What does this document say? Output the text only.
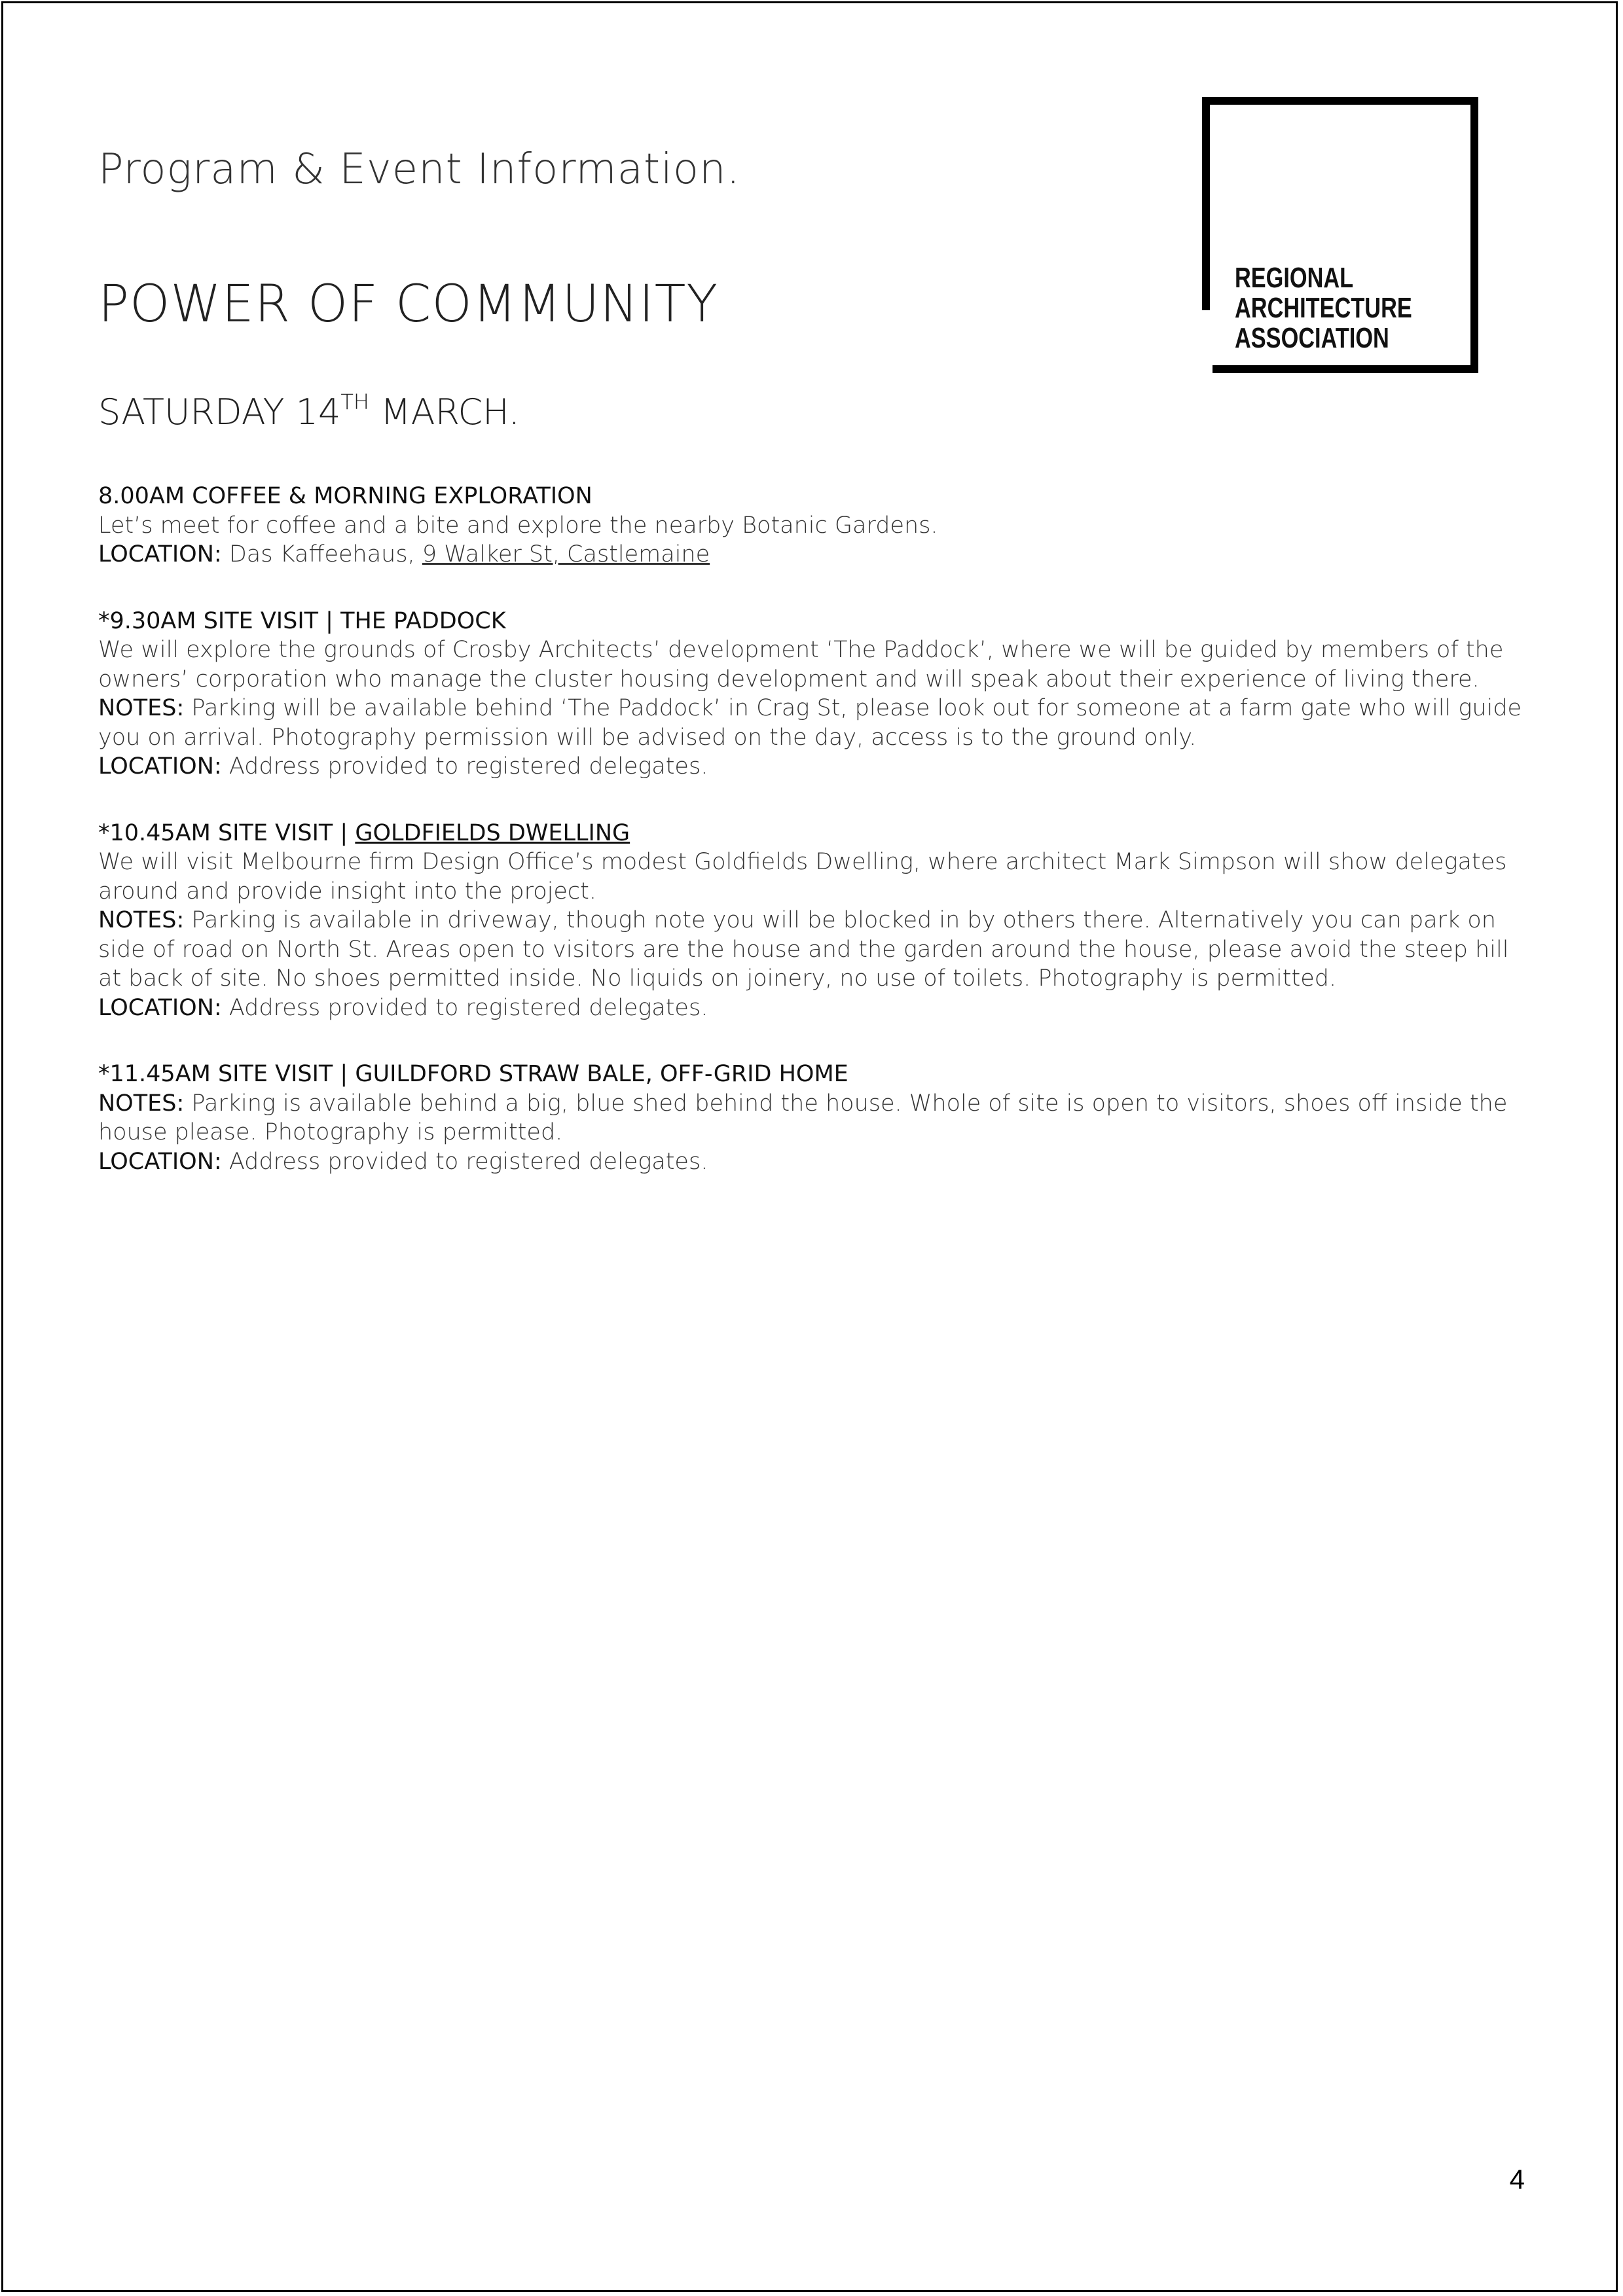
Program & Event Information.
POWER OF COMMUNITY
SATURDAY 14TH MARCH.
REGIONAL
ARCHITECTURE
ASSOCIATION

8.00AM COFFEE & MORNING EXPLORATION

Let’s meet for coffee and a bite and explore the nearby Botanic Gardens.

LOCATION: Das Kaffeehaus, 9 Walker St, Castlemaine

*9.30AM SITE VISIT | THE PADDOCK

We will explore the grounds of Crosby Architects’ development ‘The Paddock’, where we will be guided by members of the owners’ corporation who manage the cluster housing development and will speak about their experience of living there.

NOTES: Parking will be available behind ‘The Paddock’ in Crag St, please look out for someone at a farm gate who will guide you on arrival. Photography permission will be advised on the day, access is to the ground only.

LOCATION: Address provided to registered delegates.

*10.45AM SITE VISIT | GOLDFIELDS DWELLING

We will visit Melbourne firm Design Office’s modest Goldfields Dwelling, where architect Mark Simpson will show delegates around and provide insight into the project.

NOTES: Parking is available in driveway, though note you will be blocked in by others there. Alternatively you can park on side of road on North St. Areas open to visitors are the house and the garden around the house, please avoid the steep hill at back of site. No shoes permitted inside. No liquids on joinery, no use of toilets. Photography is permitted.

LOCATION: Address provided to registered delegates.

*11.45AM SITE VISIT | GUILDFORD STRAW BALE, OFF-GRID HOME

NOTES: Parking is available behind a big, blue shed behind the house. Whole of site is open to visitors, shoes off inside the house please. Photography is permitted.

LOCATION: Address provided to registered delegates.

4
